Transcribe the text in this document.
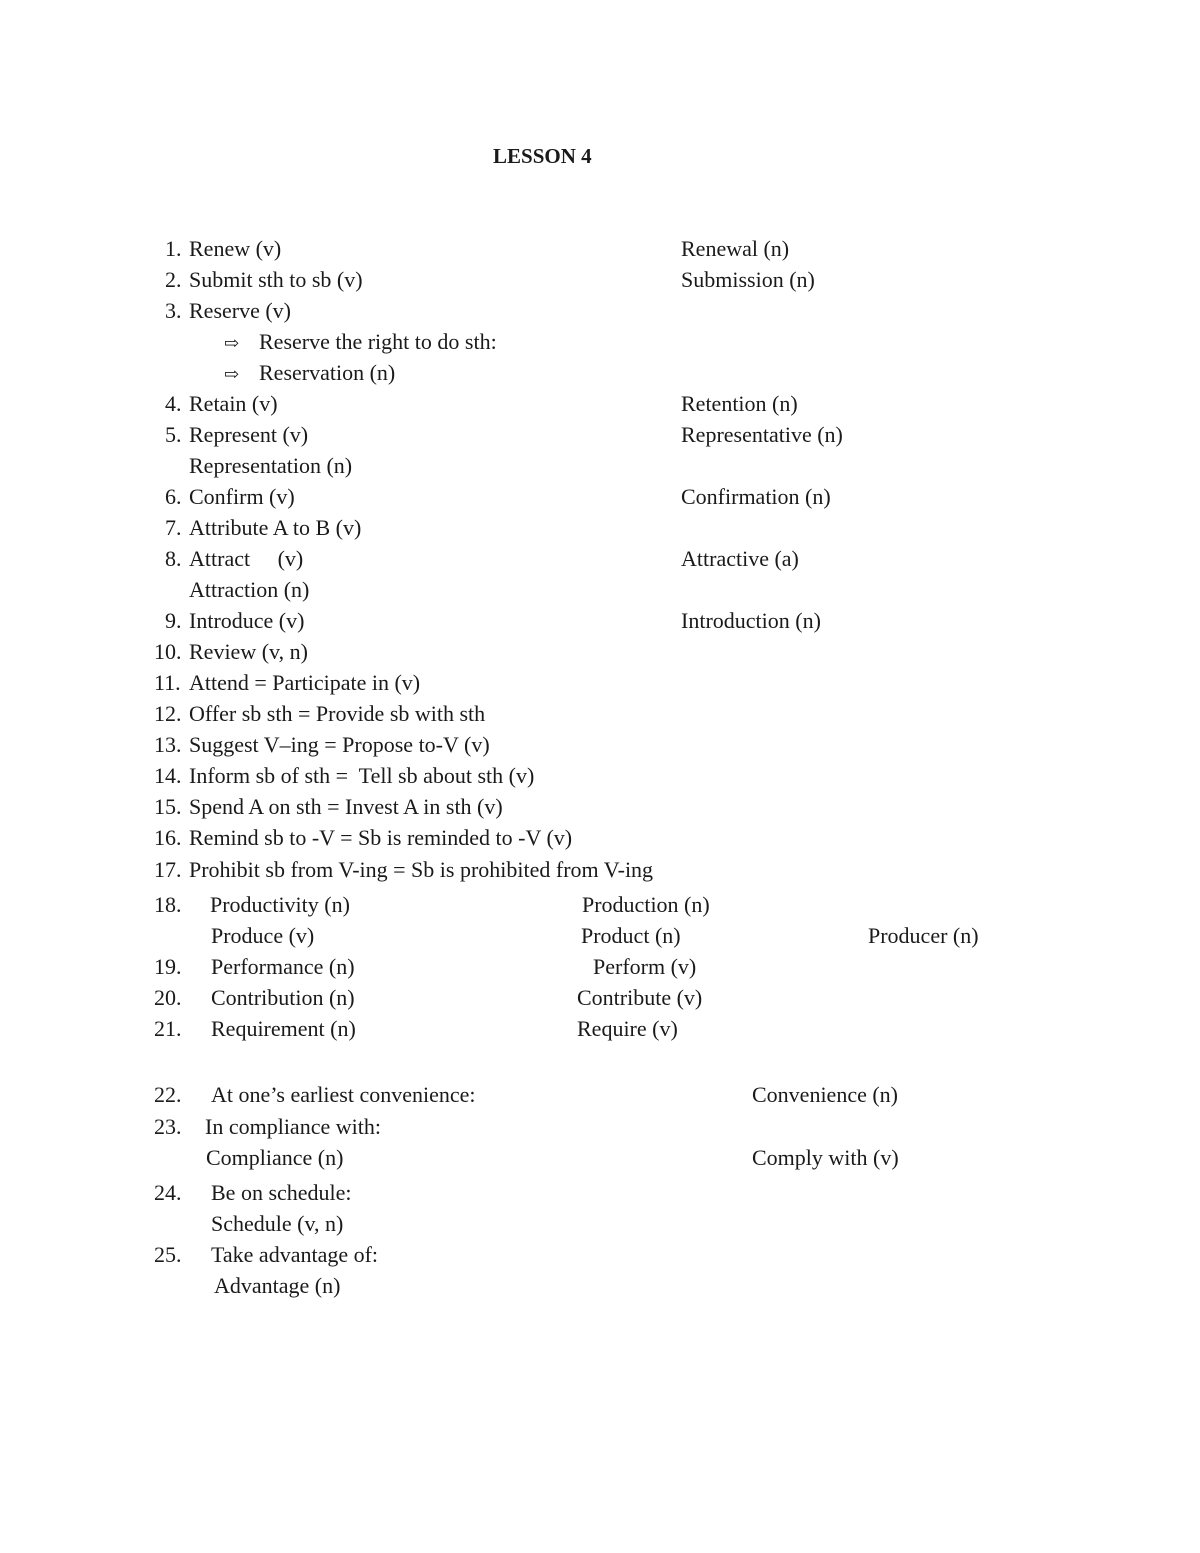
LESSON 4
1. Renew (v)	Renewal (n)
2. Submit sth to sb (v)	Submission (n)
3. Reserve (v)
⇨ Reserve the right to do sth:
⇨ Reservation (n)
4. Retain (v)	Retention (n)
5. Represent (v)	Representative (n)
Representation (n)
6. Confirm (v)	Confirmation (n)
7. Attribute A to B (v)
8. Attract     (v)	Attractive (a)
Attraction (n)
9. Introduce (v)	Introduction (n)
10. Review (v, n)
11. Attend = Participate in (v)
12. Offer sb sth = Provide sb with sth
13. Suggest V–ing = Propose to-V (v)
14. Inform sb of sth =  Tell sb about sth (v)
15. Spend A on sth = Invest A in sth (v)
16. Remind sb to -V = Sb is reminded to -V (v)
17. Prohibit sb from V-ing = Sb is prohibited from V-ing
18. Productivity (n)	Production (n)
Produce (v)	Product (n)	Producer (n)
19. Performance (n)	Perform (v)
20. Contribution (n)	Contribute (v)
21. Requirement (n)	Require (v)
22. At one’s earliest convenience:	Convenience (n)
23. In compliance with:
Compliance (n)	Comply with (v)
24. Be on schedule:
Schedule (v, n)
25. Take advantage of:
Advantage (n)
